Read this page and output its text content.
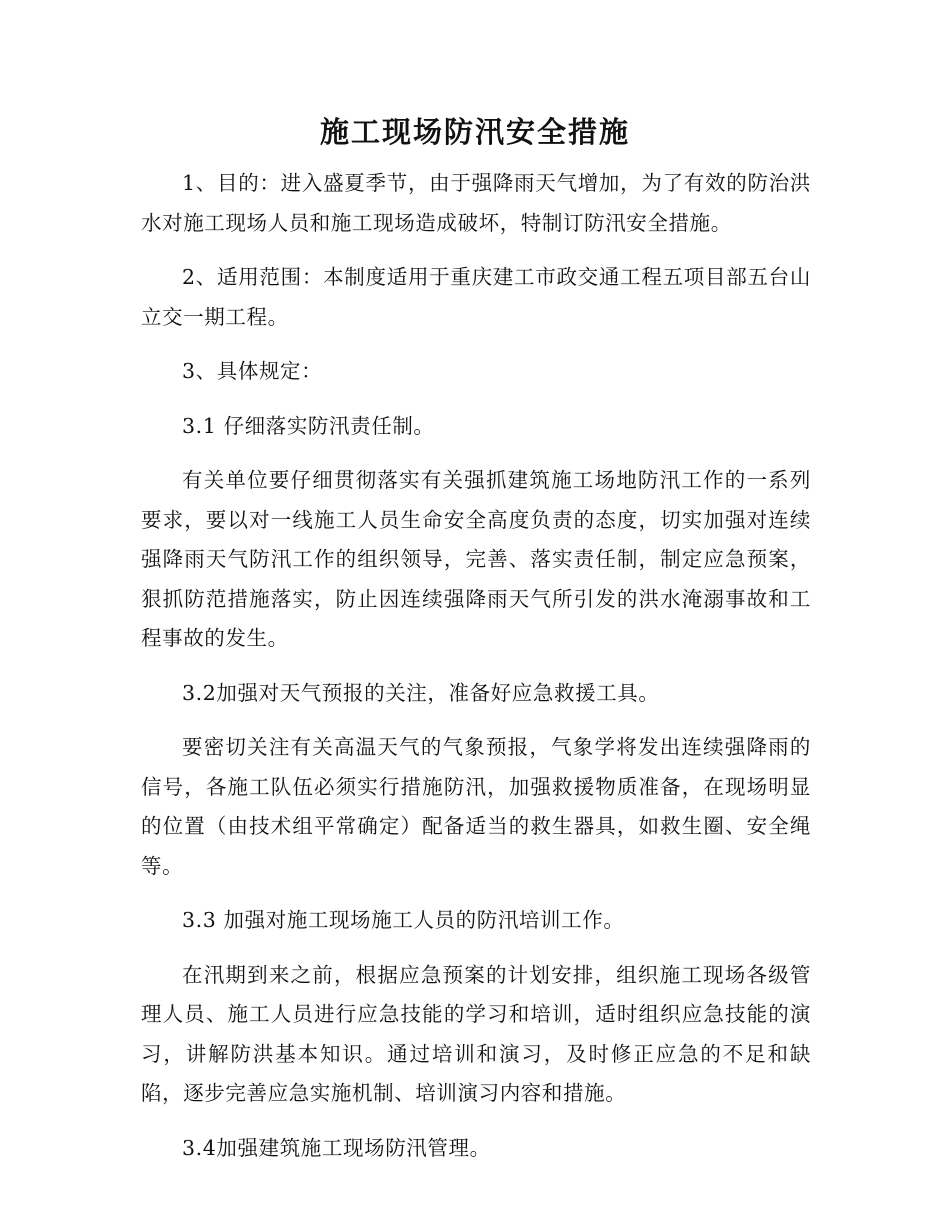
施工现场防汛安全措施

1、目的：进入盛夏季节，由于强降雨天气增加，为了有效的防治洪水对施工现场人员和施工现场造成破坏，特制订防汛安全措施。

2、适用范围：本制度适用于重庆建工市政交通工程五项目部五台山立交一期工程。

3、具体规定：

3.1 仔细落实防汛责任制。

有关单位要仔细贯彻落实有关强抓建筑施工场地防汛工作的一系列要求，要以对一线施工人员生命安全高度负责的态度，切实加强对连续强降雨天气防汛工作的组织领导，完善、落实责任制，制定应急预案，狠抓防范措施落实，防止因连续强降雨天气所引发的洪水淹溺事故和工程事故的发生。

3.2加强对天气预报的关注，准备好应急救援工具。

要密切关注有关高温天气的气象预报，气象学将发出连续强降雨的信号，各施工队伍必须实行措施防汛，加强救援物质准备，在现场明显的位置（由技术组平常确定）配备适当的救生器具，如救生圈、安全绳等。

3.3 加强对施工现场施工人员的防汛培训工作。

在汛期到来之前，根据应急预案的计划安排，组织施工现场各级管理人员、施工人员进行应急技能的学习和培训，适时组织应急技能的演习，讲解防洪基本知识。通过培训和演习，及时修正应急的不足和缺陷，逐步完善应急实施机制、培训演习内容和措施。

3.4加强建筑施工现场防汛管理。
